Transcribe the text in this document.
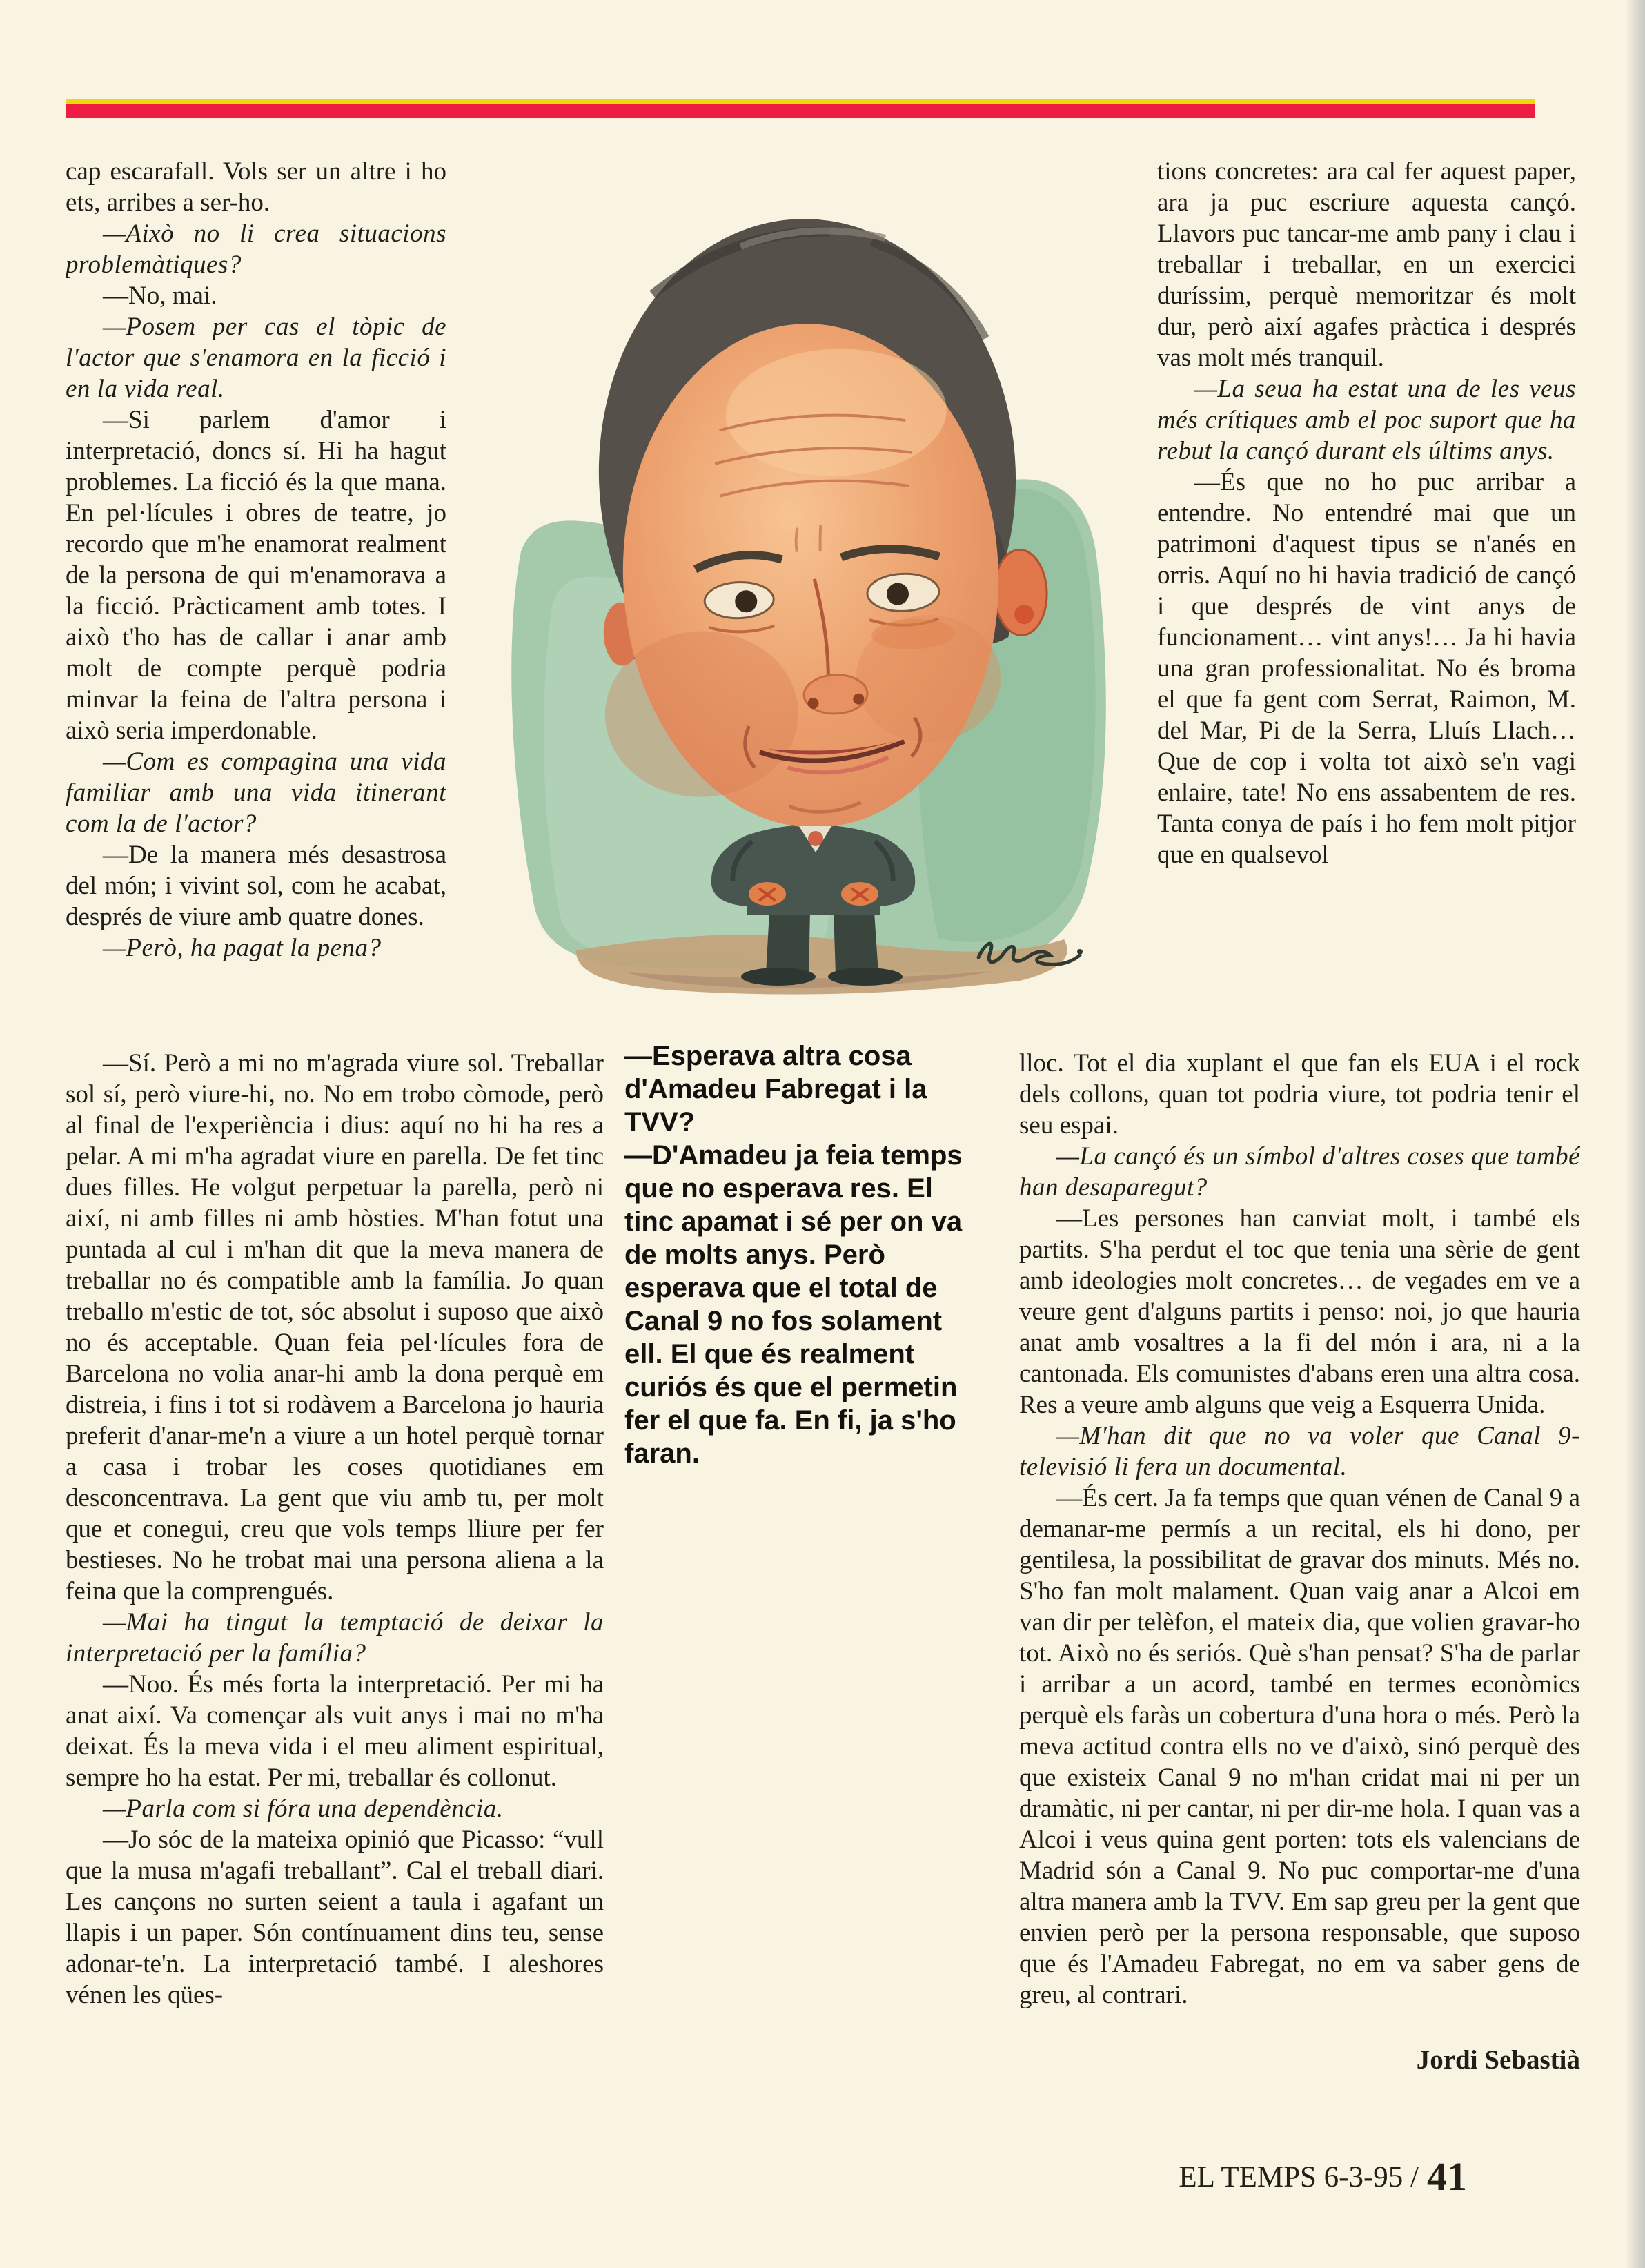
cap escarafall. Vols ser un altre i ho ets, arribes a ser-ho.

—Això no li crea situacions problemàtiques?

—No, mai.

—Posem per cas el tòpic de l'actor que s'enamora en la ficció i en la vida real.

—Si parlem d'amor i interpretació, doncs sí. Hi ha hagut problemes. La ficció és la que mana. En pel·lícules i obres de teatre, jo recordo que m'he enamorat realment de la persona de qui m'enamorava a la ficció. Pràcticament amb totes. I això t'ho has de callar i anar amb molt de compte perquè podria minvar la feina de l'altra persona i això seria imperdonable.

—Com es compagina una vida familiar amb una vida itinerant com la de l'actor?

—De la manera més desastrosa del món; i vivint sol, com he acabat, després de viure amb quatre dones.

—Però, ha pagat la pena?

—Sí. Però a mi no m'agrada viure sol. Treballar sol sí, però viure-hi, no. No em trobo còmode, però al final de l'experiència i dius: aquí no hi ha res a pelar. A mi m'ha agradat viure en parella. De fet tinc dues filles. He volgut perpetuar la parella, però ni així, ni amb filles ni amb hòsties. M'han fotut una puntada al cul i m'han dit que la meva manera de treballar no és compatible amb la família. Jo quan treballo m'estic de tot, sóc absolut i suposo que això no és acceptable. Quan feia pel·lícules fora de Barcelona no volia anar-hi amb la dona perquè em distreia, i fins i tot si rodàvem a Barcelona jo hauria preferit d'anar-me'n a viure a un hotel perquè tornar a casa i trobar les coses quotidianes em desconcentrava. La gent que viu amb tu, per molt que et conegui, creu que vols temps lliure per fer bestieses. No he trobat mai una persona aliena a la feina que la comprengués.

—Mai ha tingut la temptació de deixar la interpretació per la família?

—Noo. És més forta la interpretació. Per mi ha anat així. Va començar als vuit anys i mai no m'ha deixat. És la meva vida i el meu aliment espiritual, sempre ho ha estat. Per mi, treballar és collonut.

—Parla com si fóra una dependència.

—Jo sóc de la mateixa opinió que Picasso: “vull que la musa m'agafi treballant”. Cal el treball diari. Les cançons no surten seient a taula i agafant un llapis i un paper. Són contínuament dins teu, sense adonar-te'n. La interpretació també. I aleshores vénen les qües-

—Esperava altra cosa d'Amadeu Fabregat i la TVV?

—D'Amadeu ja feia temps que no esperava res. El tinc apamat i sé per on va de molts anys. Però esperava que el total de Canal 9 no fos solament ell. El que és realment curiós és que el permetin fer el que fa. En fi, ja s'ho faran.

tions concretes: ara cal fer aquest paper, ara ja puc escriure aquesta cançó. Llavors puc tancar-me amb pany i clau i treballar i treballar, en un exercici duríssim, perquè memoritzar és molt dur, però així agafes pràctica i després vas molt més tranquil.

—La seua ha estat una de les veus més crítiques amb el poc suport que ha rebut la cançó durant els últims anys.

—És que no ho puc arribar a entendre. No entendré mai que un patrimoni d'aquest tipus se n'anés en orris. Aquí no hi havia tradició de cançó i que després de vint anys de funcionament… vint anys!… Ja hi havia una gran professionalitat. No és broma el que fa gent com Serrat, Raimon, M. del Mar, Pi de la Serra, Lluís Llach… Que de cop i volta tot això se'n vagi enlaire, tate! No ens assabentem de res. Tanta conya de país i ho fem molt pitjor que en qualsevol

lloc. Tot el dia xuplant el que fan els EUA i el rock dels collons, quan tot podria viure, tot podria tenir el seu espai.

—La cançó és un símbol d'altres coses que també han desaparegut?

—Les persones han canviat molt, i també els partits. S'ha perdut el toc que tenia una sèrie de gent amb ideologies molt concretes… de vegades em ve a veure gent d'alguns partits i penso: noi, jo que hauria anat amb vosaltres a la fi del món i ara, ni a la cantonada. Els comunistes d'abans eren una altra cosa. Res a veure amb alguns que veig a Esquerra Unida.

—M'han dit que no va voler que Canal 9-televisió li fera un documental.

—És cert. Ja fa temps que quan vénen de Canal 9 a demanar-me permís a un recital, els hi dono, per gentilesa, la possibilitat de gravar dos minuts. Més no. S'ho fan molt malament. Quan vaig anar a Alcoi em van dir per telèfon, el mateix dia, que volien gravar-ho tot. Això no és seriós. Què s'han pensat? S'ha de parlar i arribar a un acord, també en termes econòmics perquè els faràs un cobertura d'una hora o més. Però la meva actitud contra ells no ve d'això, sinó perquè des que existeix Canal 9 no m'han cridat mai ni per un dramàtic, ni per cantar, ni per dir-me hola. I quan vas a Alcoi i veus quina gent porten: tots els valencians de Madrid són a Canal 9. No puc comportar-me d'una altra manera amb la TVV. Em sap greu per la gent que envien però per la persona responsable, que suposo que és l'Amadeu Fabregat, no em va saber gens de greu, al contrari.

Jordi Sebastià
EL TEMPS 6-3-95 / 41
